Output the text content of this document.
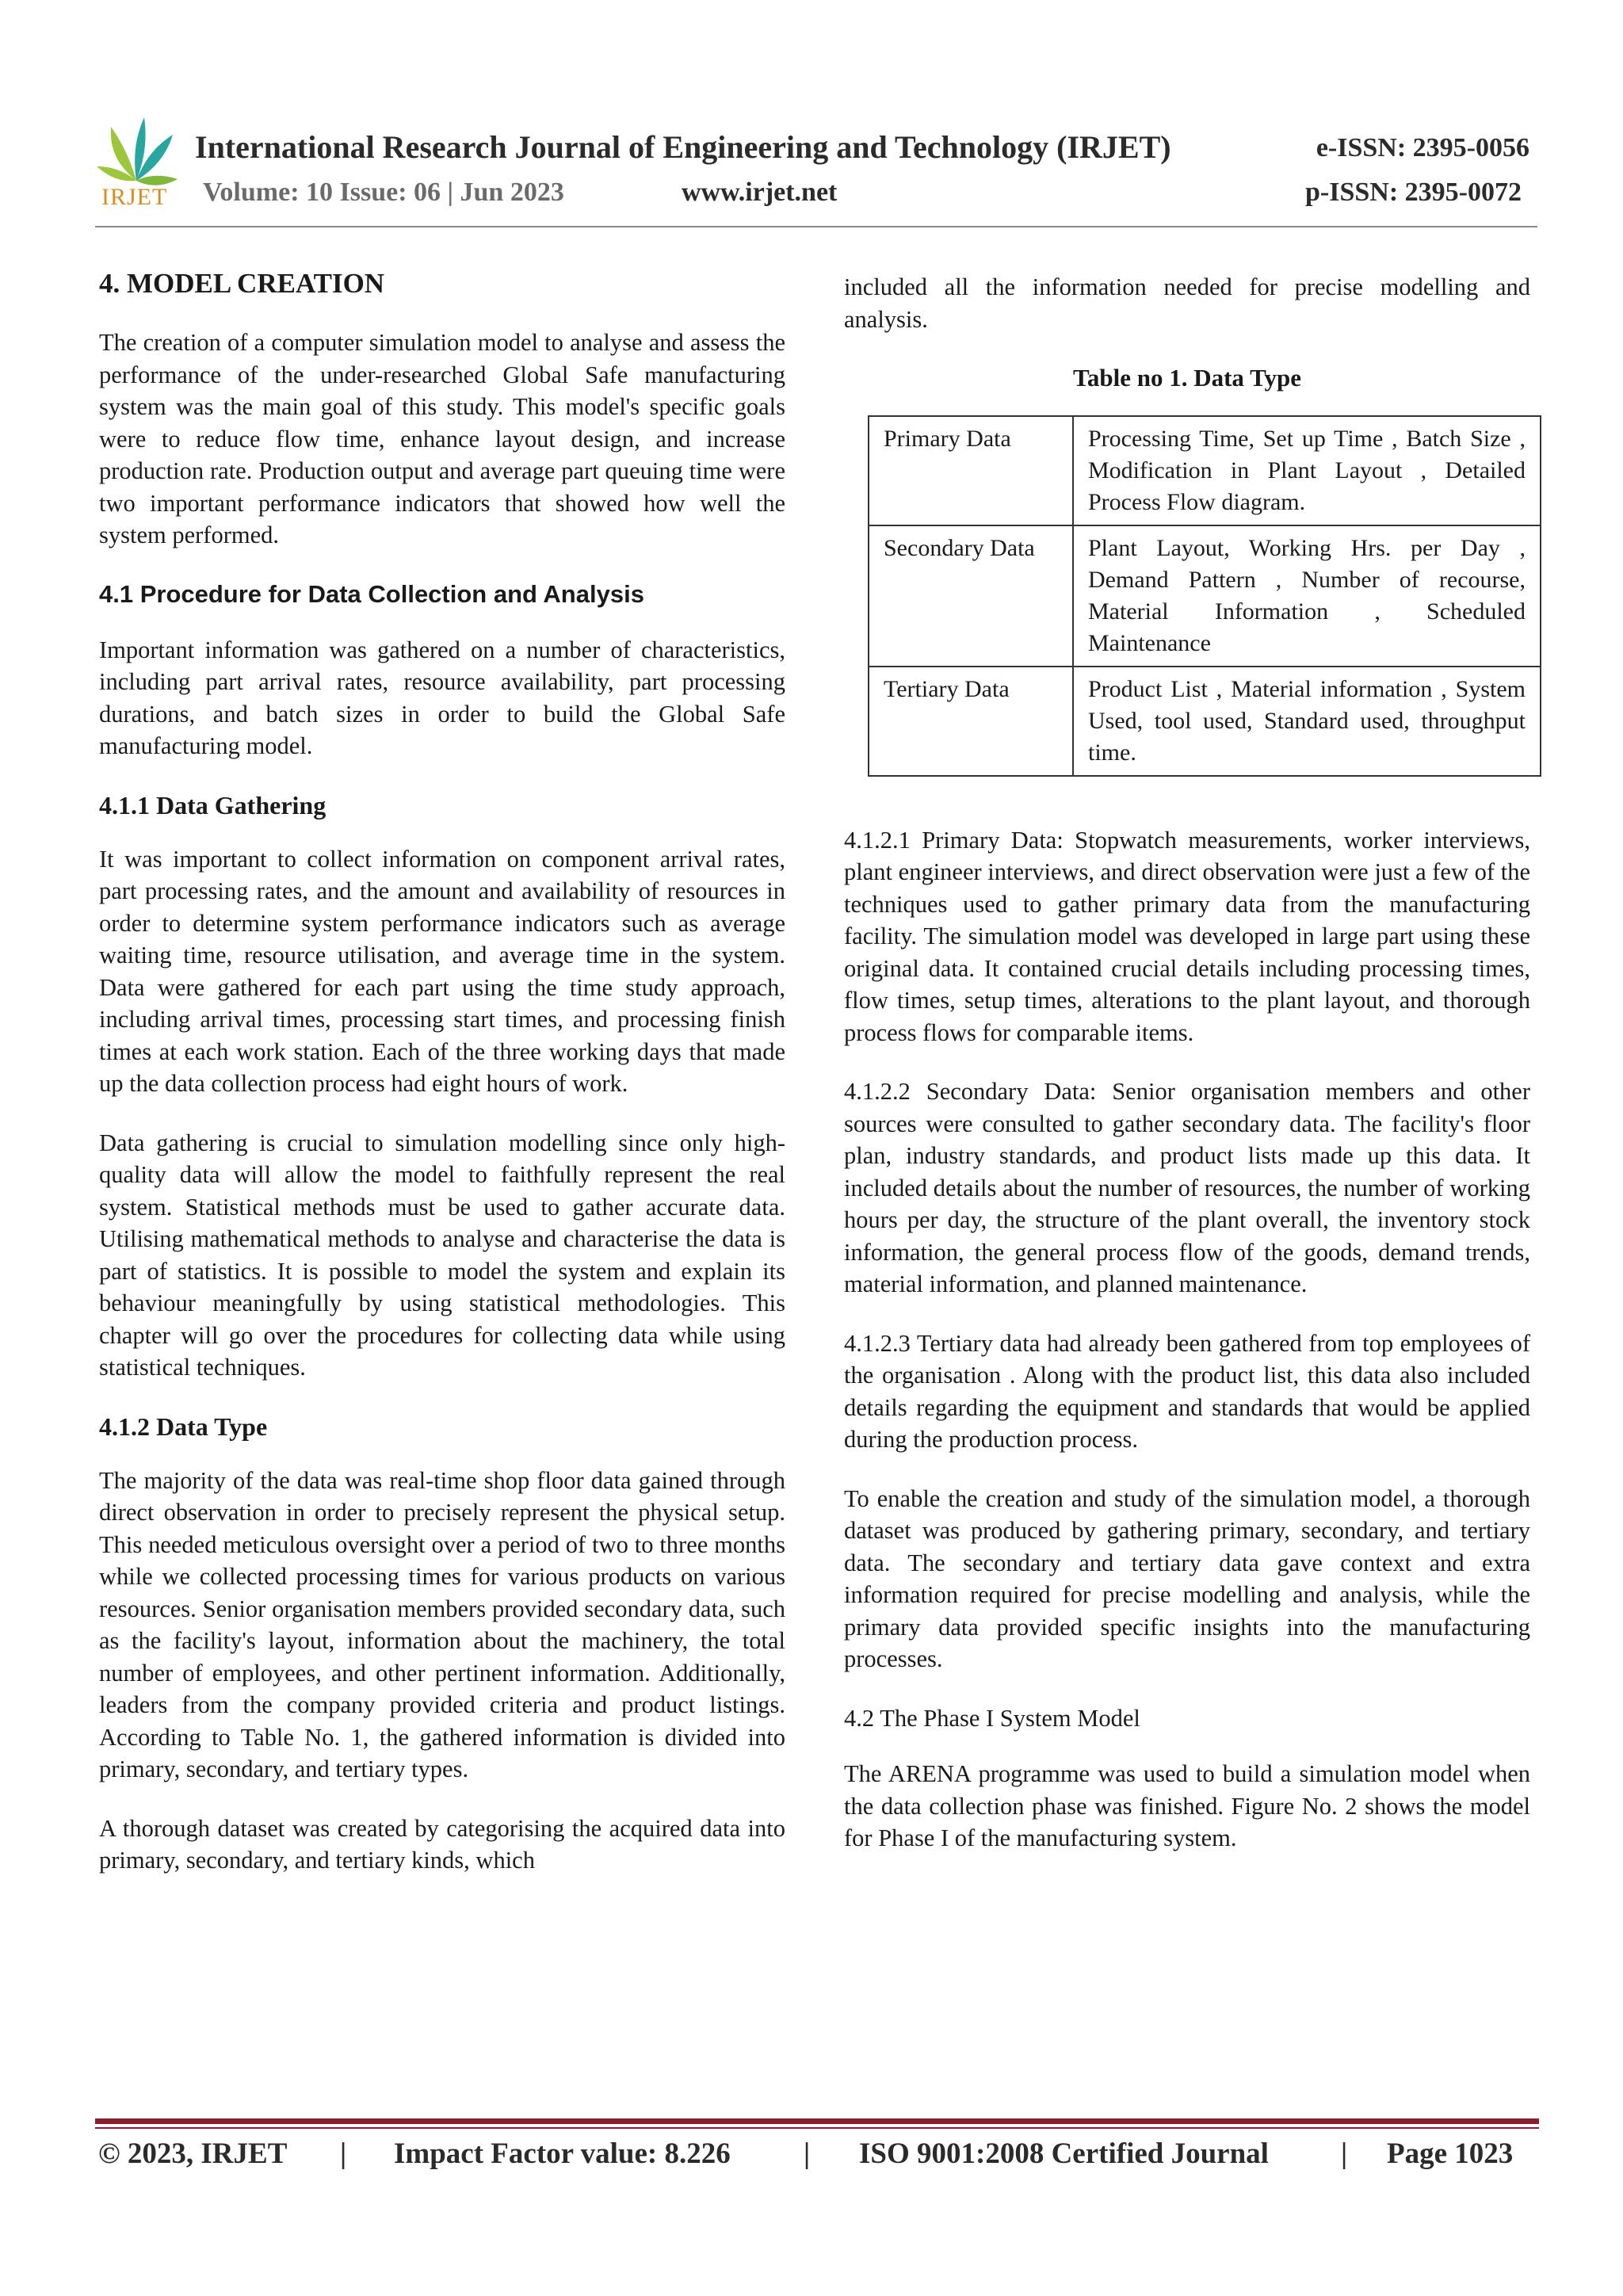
IRJET
International Research Journal of Engineering and Technology (IRJET)	e-ISSN: 2395-0056
Volume: 10 Issue: 06 | Jun 2023	www.irjet.net	p-ISSN: 2395-0072
4. MODEL CREATION

The creation of a computer simulation model to analyse and assess the performance of the under-researched Global Safe manufacturing system was the main goal of this study. This model's specific goals were to reduce flow time, enhance layout design, and increase production rate. Production output and average part queuing time were two important performance indicators that showed how well the system performed.

4.1 Procedure for Data Collection and Analysis

Important information was gathered on a number of characteristics, including part arrival rates, resource availability, part processing durations, and batch sizes in order to build the Global Safe manufacturing model.

4.1.1 Data Gathering

It was important to collect information on component arrival rates, part processing rates, and the amount and availability of resources in order to determine system performance indicators such as average waiting time, resource utilisation, and average time in the system. Data were gathered for each part using the time study approach, including arrival times, processing start times, and processing finish times at each work station. Each of the three working days that made up the data collection process had eight hours of work.

Data gathering is crucial to simulation modelling since only high-quality data will allow the model to faithfully represent the real system. Statistical methods must be used to gather accurate data. Utilising mathematical methods to analyse and characterise the data is part of statistics. It is possible to model the system and explain its behaviour meaningfully by using statistical methodologies. This chapter will go over the procedures for collecting data while using statistical techniques.

4.1.2 Data Type

The majority of the data was real-time shop floor data gained through direct observation in order to precisely represent the physical setup. This needed meticulous oversight over a period of two to three months while we collected processing times for various products on various resources. Senior organisation members provided secondary data, such as the facility's layout, information about the machinery, the total number of employees, and other pertinent information. Additionally, leaders from the company provided criteria and product listings. According to Table No. 1, the gathered information is divided into primary, secondary, and tertiary types.

A thorough dataset was created by categorising the acquired data into primary, secondary, and tertiary kinds, which

included all the information needed for precise modelling and analysis.

Table no 1. Data Type
Primary Data	Processing Time, Set up Time , Batch Size , Modification in Plant Layout , Detailed Process Flow diagram.
Secondary Data	Plant Layout, Working Hrs. per Day , Demand Pattern , Number of recourse, Material Information , Scheduled Maintenance
Tertiary Data	Product List , Material information , System Used, tool used, Standard used, throughput time.

4.1.2.1 Primary Data: Stopwatch measurements, worker interviews, plant engineer interviews, and direct observation were just a few of the techniques used to gather primary data from the manufacturing facility. The simulation model was developed in large part using these original data. It contained crucial details including processing times, flow times, setup times, alterations to the plant layout, and thorough process flows for comparable items.

4.1.2.2 Secondary Data: Senior organisation members and other sources were consulted to gather secondary data. The facility's floor plan, industry standards, and product lists made up this data. It included details about the number of resources, the number of working hours per day, the structure of the plant overall, the inventory stock information, the general process flow of the goods, demand trends, material information, and planned maintenance.

4.1.2.3 Tertiary data had already been gathered from top employees of the organisation . Along with the product list, this data also included details regarding the equipment and standards that would be applied during the production process.

To enable the creation and study of the simulation model, a thorough dataset was produced by gathering primary, secondary, and tertiary data. The secondary and tertiary data gave context and extra information required for precise modelling and analysis, while the primary data provided specific insights into the manufacturing processes.

4.2 The Phase I System Model

The ARENA programme was used to build a simulation model when the data collection phase was finished. Figure No. 2 shows the model for Phase I of the manufacturing system.

© 2023, IRJET | Impact Factor value: 8.226 | ISO 9001:2008 Certified Journal | Page 1023
